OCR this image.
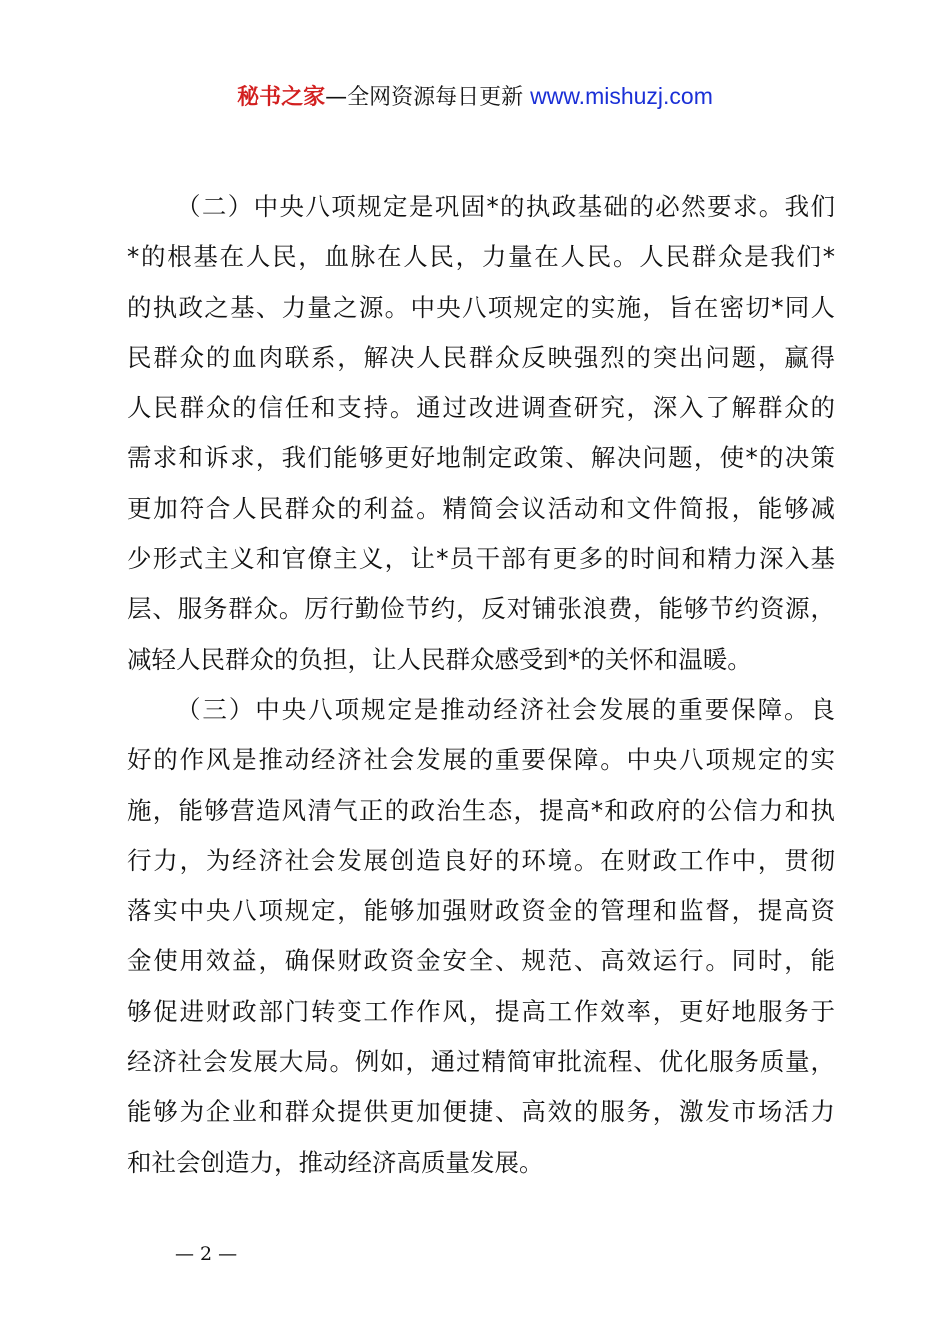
秘书之家—全网资源每日更新 www.mishuzj.com
（二）中央八项规定是巩固*的执政基础的必然要求。我们
*的根基在人民，血脉在人民，力量在人民。人民群众是我们*
的执政之基、力量之源。中央八项规定的实施，旨在密切*同人
民群众的血肉联系，解决人民群众反映强烈的突出问题，赢得
人民群众的信任和支持。通过改进调查研究，深入了解群众的
需求和诉求，我们能够更好地制定政策、解决问题，使*的决策
更加符合人民群众的利益。精简会议活动和文件简报，能够减
少形式主义和官僚主义，让*员干部有更多的时间和精力深入基
层、服务群众。厉行勤俭节约，反对铺张浪费，能够节约资源，
减轻人民群众的负担，让人民群众感受到*的关怀和温暖。
（三）中央八项规定是推动经济社会发展的重要保障。良
好的作风是推动经济社会发展的重要保障。中央八项规定的实
施，能够营造风清气正的政治生态，提高*和政府的公信力和执
行力，为经济社会发展创造良好的环境。在财政工作中，贯彻
落实中央八项规定，能够加强财政资金的管理和监督，提高资
金使用效益，确保财政资金安全、规范、高效运行。同时，能
够促进财政部门转变工作作风，提高工作效率，更好地服务于
经济社会发展大局。例如，通过精简审批流程、优化服务质量，
能够为企业和群众提供更加便捷、高效的服务，激发市场活力
和社会创造力，推动经济高质量发展。
— 2 —
